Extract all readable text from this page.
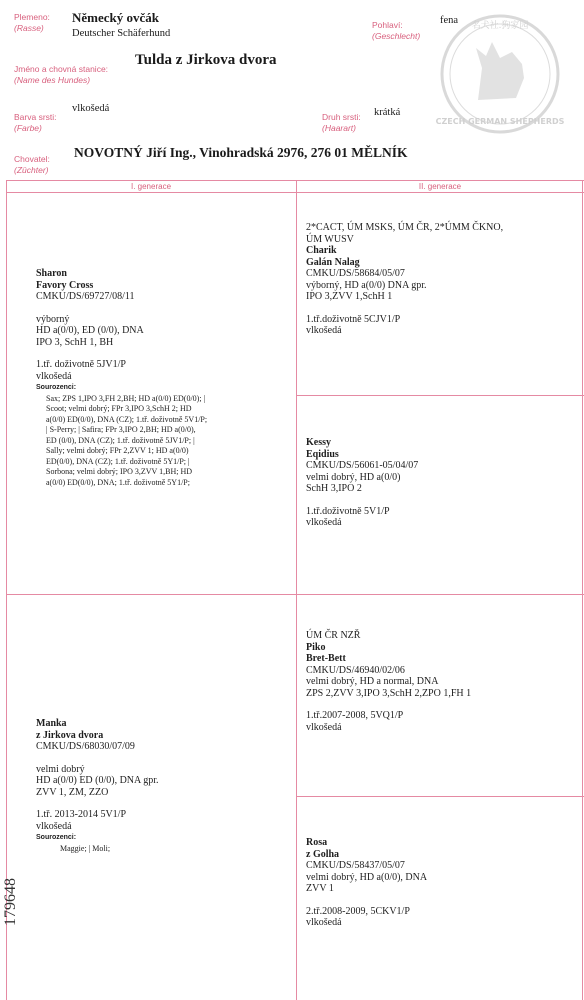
Plemeno:
(Rasse)
Německý ovčák
Deutscher Schäferhund
Pohlaví:
(Geschlecht)
fena
Jméno a chovná stanice:
(Name des Hundes)
Tulda z Jirkova dvora
Barva srsti:
(Farbe)
vlkošedá
Druh srsti:
(Haarart)
krátká
Chovatel:
(Züchter)
NOVOTNÝ Jiří Ing., Vinohradská 2976, 276 01 MĚLNÍK
名犬社.狗家园
CZECH GERMAN SHEPHERDS
I. generace	II. generace
Sharon
Favory Cross
CMKU/DS/69727/08/11
výborný
HD a(0/0), ED (0/0), DNA
IPO 3, SchH 1, BH
1.tř. doživotně 5JV1/P
vlkošedá
Sourozenci:
Sax; ZPS 1,IPO 3,FH 2,BH; HD a(0/0) ED(0/0); |
Scoot; velmi dobrý; FPr 3,IPO 3,SchH 2; HD
a(0/0) ED(0/0), DNA (CZ); 1.tř. doživotně 5V1/P;
| S-Perry; | Safira; FPr 3,IPO 2,BH; HD a(0/0),
ED (0/0), DNA (CZ); 1.tř. doživotně 5JV1/P; |
Sally; velmi dobrý; FPr 2,ZVV 1; HD a(0/0)
ED(0/0), DNA (CZ); 1.tř. doživotně 5Y1/P; |
Sorbona; velmi dobrý; IPO 3,ZVV 1,BH; HD
a(0/0) ED(0/0), DNA; 1.tř. doživotně 5Y1/P;
2*CACT, ÚM MSKS, ÚM ČR, 2*ÚMM ČKNO,
ÚM WUSV
Charik
Galán Nalag
CMKU/DS/58684/05/07
výborný, HD a(0/0) DNA gpr.
IPO 3,ZVV 1,SchH 1
1.tř.doživotně 5CJV1/P
vlkošedá
Kessy
Eqidius
CMKU/DS/56061-05/04/07
velmi dobrý, HD a(0/0)
SchH 3,IPO 2
1.tř.doživotně 5V1/P
vlkošedá
Manka
z Jirkova dvora
CMKU/DS/68030/07/09
velmi dobrý
HD a(0/0) ED (0/0), DNA gpr.
ZVV 1, ZM, ZZO
1.tř. 2013-2014 5V1/P
vlkošedá
Sourozenci:
Maggie; | Moli;
ÚM ČR NZŘ
Piko
Bret-Bett
CMKU/DS/46940/02/06
velmi dobrý, HD a normal, DNA
ZPS 2,ZVV 3,IPO 3,SchH 2,ZPO 1,FH 1
1.tř.2007-2008, 5VQ1/P
vlkošedá
Rosa
z Golha
CMKU/DS/58437/05/07
velmi dobrý, HD a(0/0), DNA
ZVV 1
2.tř.2008-2009, 5CKV1/P
vlkošedá
179648
